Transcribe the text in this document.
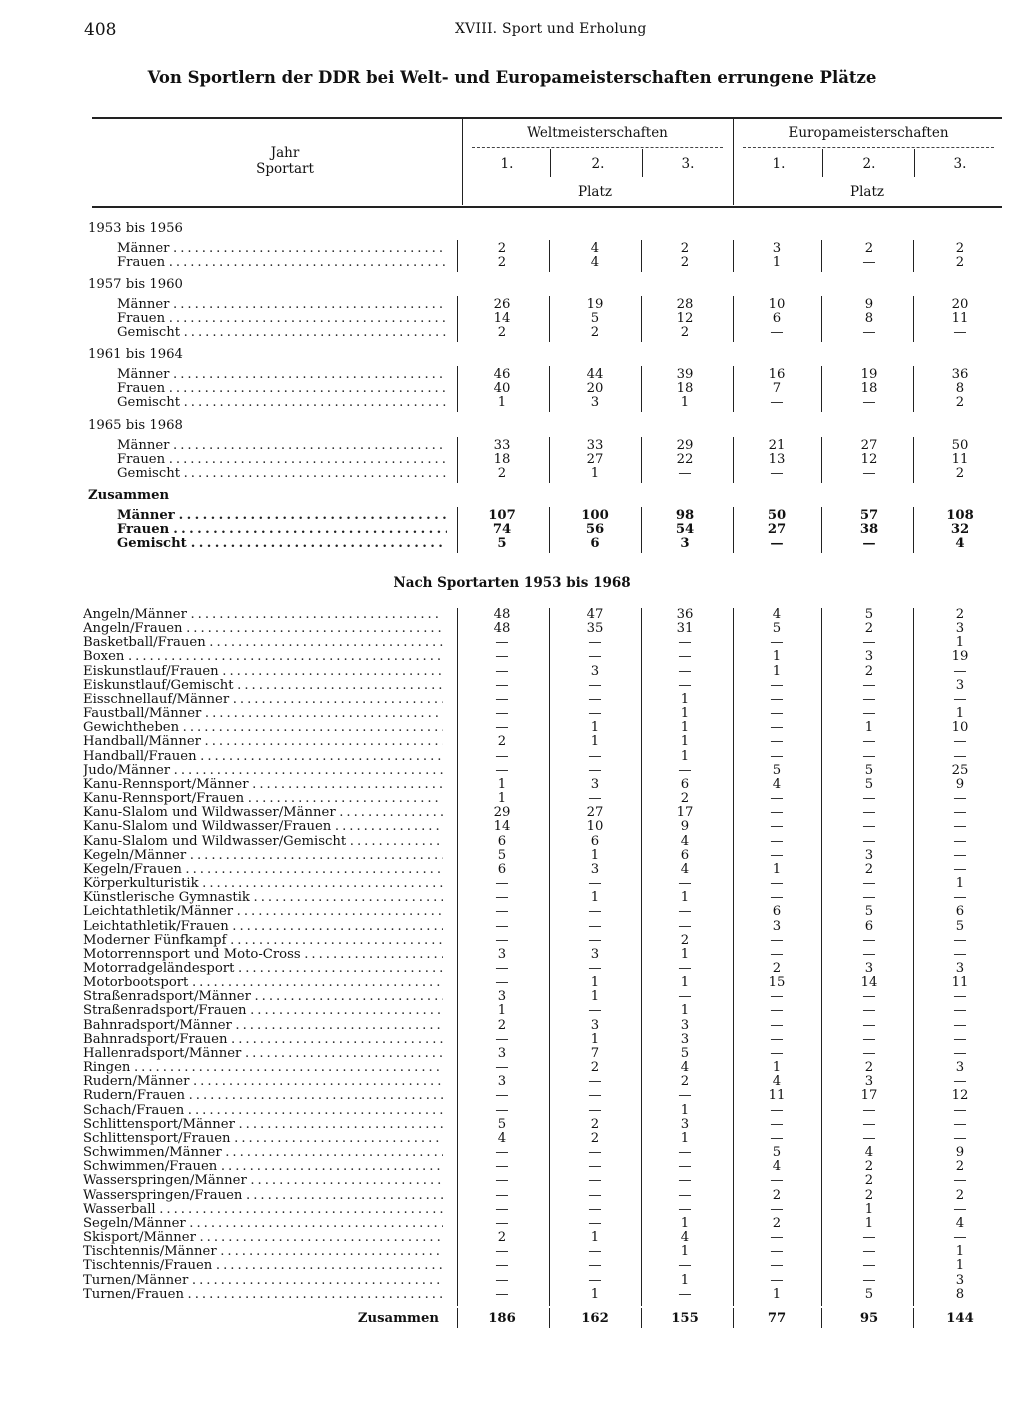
408	XVIII. Sport und Erholung
Von Sportlern der DDR bei Welt- und Europameisterschaften errungene Plätze
Jahr
Sportart
Weltmeisterschaften	Europameisterschaften
1.	2.	3.	1.	2.	3.
Platz	Platz
1953 bis 1956
Männer . . .	2	4	2	3	2	2
Frauen . . .	2	4	2	1	—	2
1957 bis 1960
Männer . . .	26	19	28	10	9	20
Frauen . . .	14	5	12	6	8	11
Gemischt . . .	2	2	2	—	—	—
1961 bis 1964
Männer . . .	46	44	39	16	19	36
Frauen . . .	40	20	18	7	18	8
Gemischt . . .	1	3	1	—	—	2
1965 bis 1968
Männer . . .	33	33	29	21	27	50
Frauen . . .	18	27	22	13	12	11
Gemischt . . .	2	1	—	—	—	2
Zusammen
Männer . . .	107	100	98	50	57	108
Frauen . . .	74	56	54	27	38	32
Gemischt . . .	5	6	3	—	—	4
Angeln/Männer . . .	48	47	36	4	5	2
Angeln/Frauen . . .	48	35	31	5	2	3
Basketball/Frauen . . .	—	—	—	—	—	1
Boxen . . .	—	—	—	1	3	19
Eiskunstlauf/Frauen . . .	—	3	—	1	2	—
Eiskunstlauf/Gemischt . . .	—	—	—	—	—	3
Eisschnellauf/Männer . . .	—	—	1	—	—	—
Faustball/Männer . . .	—	—	1	—	—	1
Gewichtheben . . .	—	1	1	—	1	10
Handball/Männer . . .	2	1	1	—	—	—
Handball/Frauen . . .	—	—	1	—	—	—
Judo/Männer . . .	—	—	—	5	5	25
Kanu-Rennsport/Männer . . .	1	3	6	4	5	9
Kanu-Rennsport/Frauen . . .	1	—	2	—	—	—
Kanu-Slalom und Wildwasser/Männer . . .	29	27	17	—	—	—
Kanu-Slalom und Wildwasser/Frauen . . .	14	10	9	—	—	—
Kanu-Slalom und Wildwasser/Gemischt . . .	6	6	4	—	—	—
Kegeln/Männer . . .	5	1	6	—	3	—
Kegeln/Frauen . . .	6	3	4	1	2	—
Körperkulturistik . . .	—	—	—	—	—	1
Künstlerische Gymnastik . . .	—	1	1	—	—	—
Leichtathletik/Männer . . .	—	—	—	6	5	6
Leichtathletik/Frauen . . .	—	—	—	3	6	5
Moderner Fünfkampf . . .	—	—	2	—	—	—
Motorrennsport und Moto-Cross . . .	3	3	1	—	—	—
Motorradgeländesport . . .	—	—	—	2	3	3
Motorbootsport . . .	—	1	1	15	14	11
Straßenradsport/Männer . . .	3	1	—	—	—	—
Straßenradsport/Frauen . . .	1	—	1	—	—	—
Bahnradsport/Männer . . .	2	3	3	—	—	—
Bahnradsport/Frauen . . .	—	1	3	—	—	—
Hallenradsport/Männer . . .	3	7	5	—	—	—
Ringen . . .	—	2	4	1	2	3
Rudern/Männer . . .	3	—	2	4	3	—
Rudern/Frauen . . .	—	—	—	11	17	12
Schach/Frauen . . .	—	—	1	—	—	—
Schlittensport/Männer . . .	5	2	3	—	—	—
Schlittensport/Frauen . . .	4	2	1	—	—	—
Schwimmen/Männer . . .	—	—	—	5	4	9
Schwimmen/Frauen . . .	—	—	—	4	2	2
Wasserspringen/Männer . . .	—	—	—	—	2	—
Wasserspringen/Frauen . . .	—	—	—	2	2	2
Wasserball . . .	—	—	—	—	1	—
Segeln/Männer . . .	—	—	1	2	1	4
Skisport/Männer . . .	2	1	4	—	—	—
Tischtennis/Männer . . .	—	—	1	—	—	1
Tischtennis/Frauen . . .	—	—	—	—	—	1
Turnen/Männer . . .	—	—	1	—	—	3
Turnen/Frauen . . .	—	1	—	1	5	8
Zusammen	186	162	155	77	95	144
Nach Sportarten 1953 bis 1968
